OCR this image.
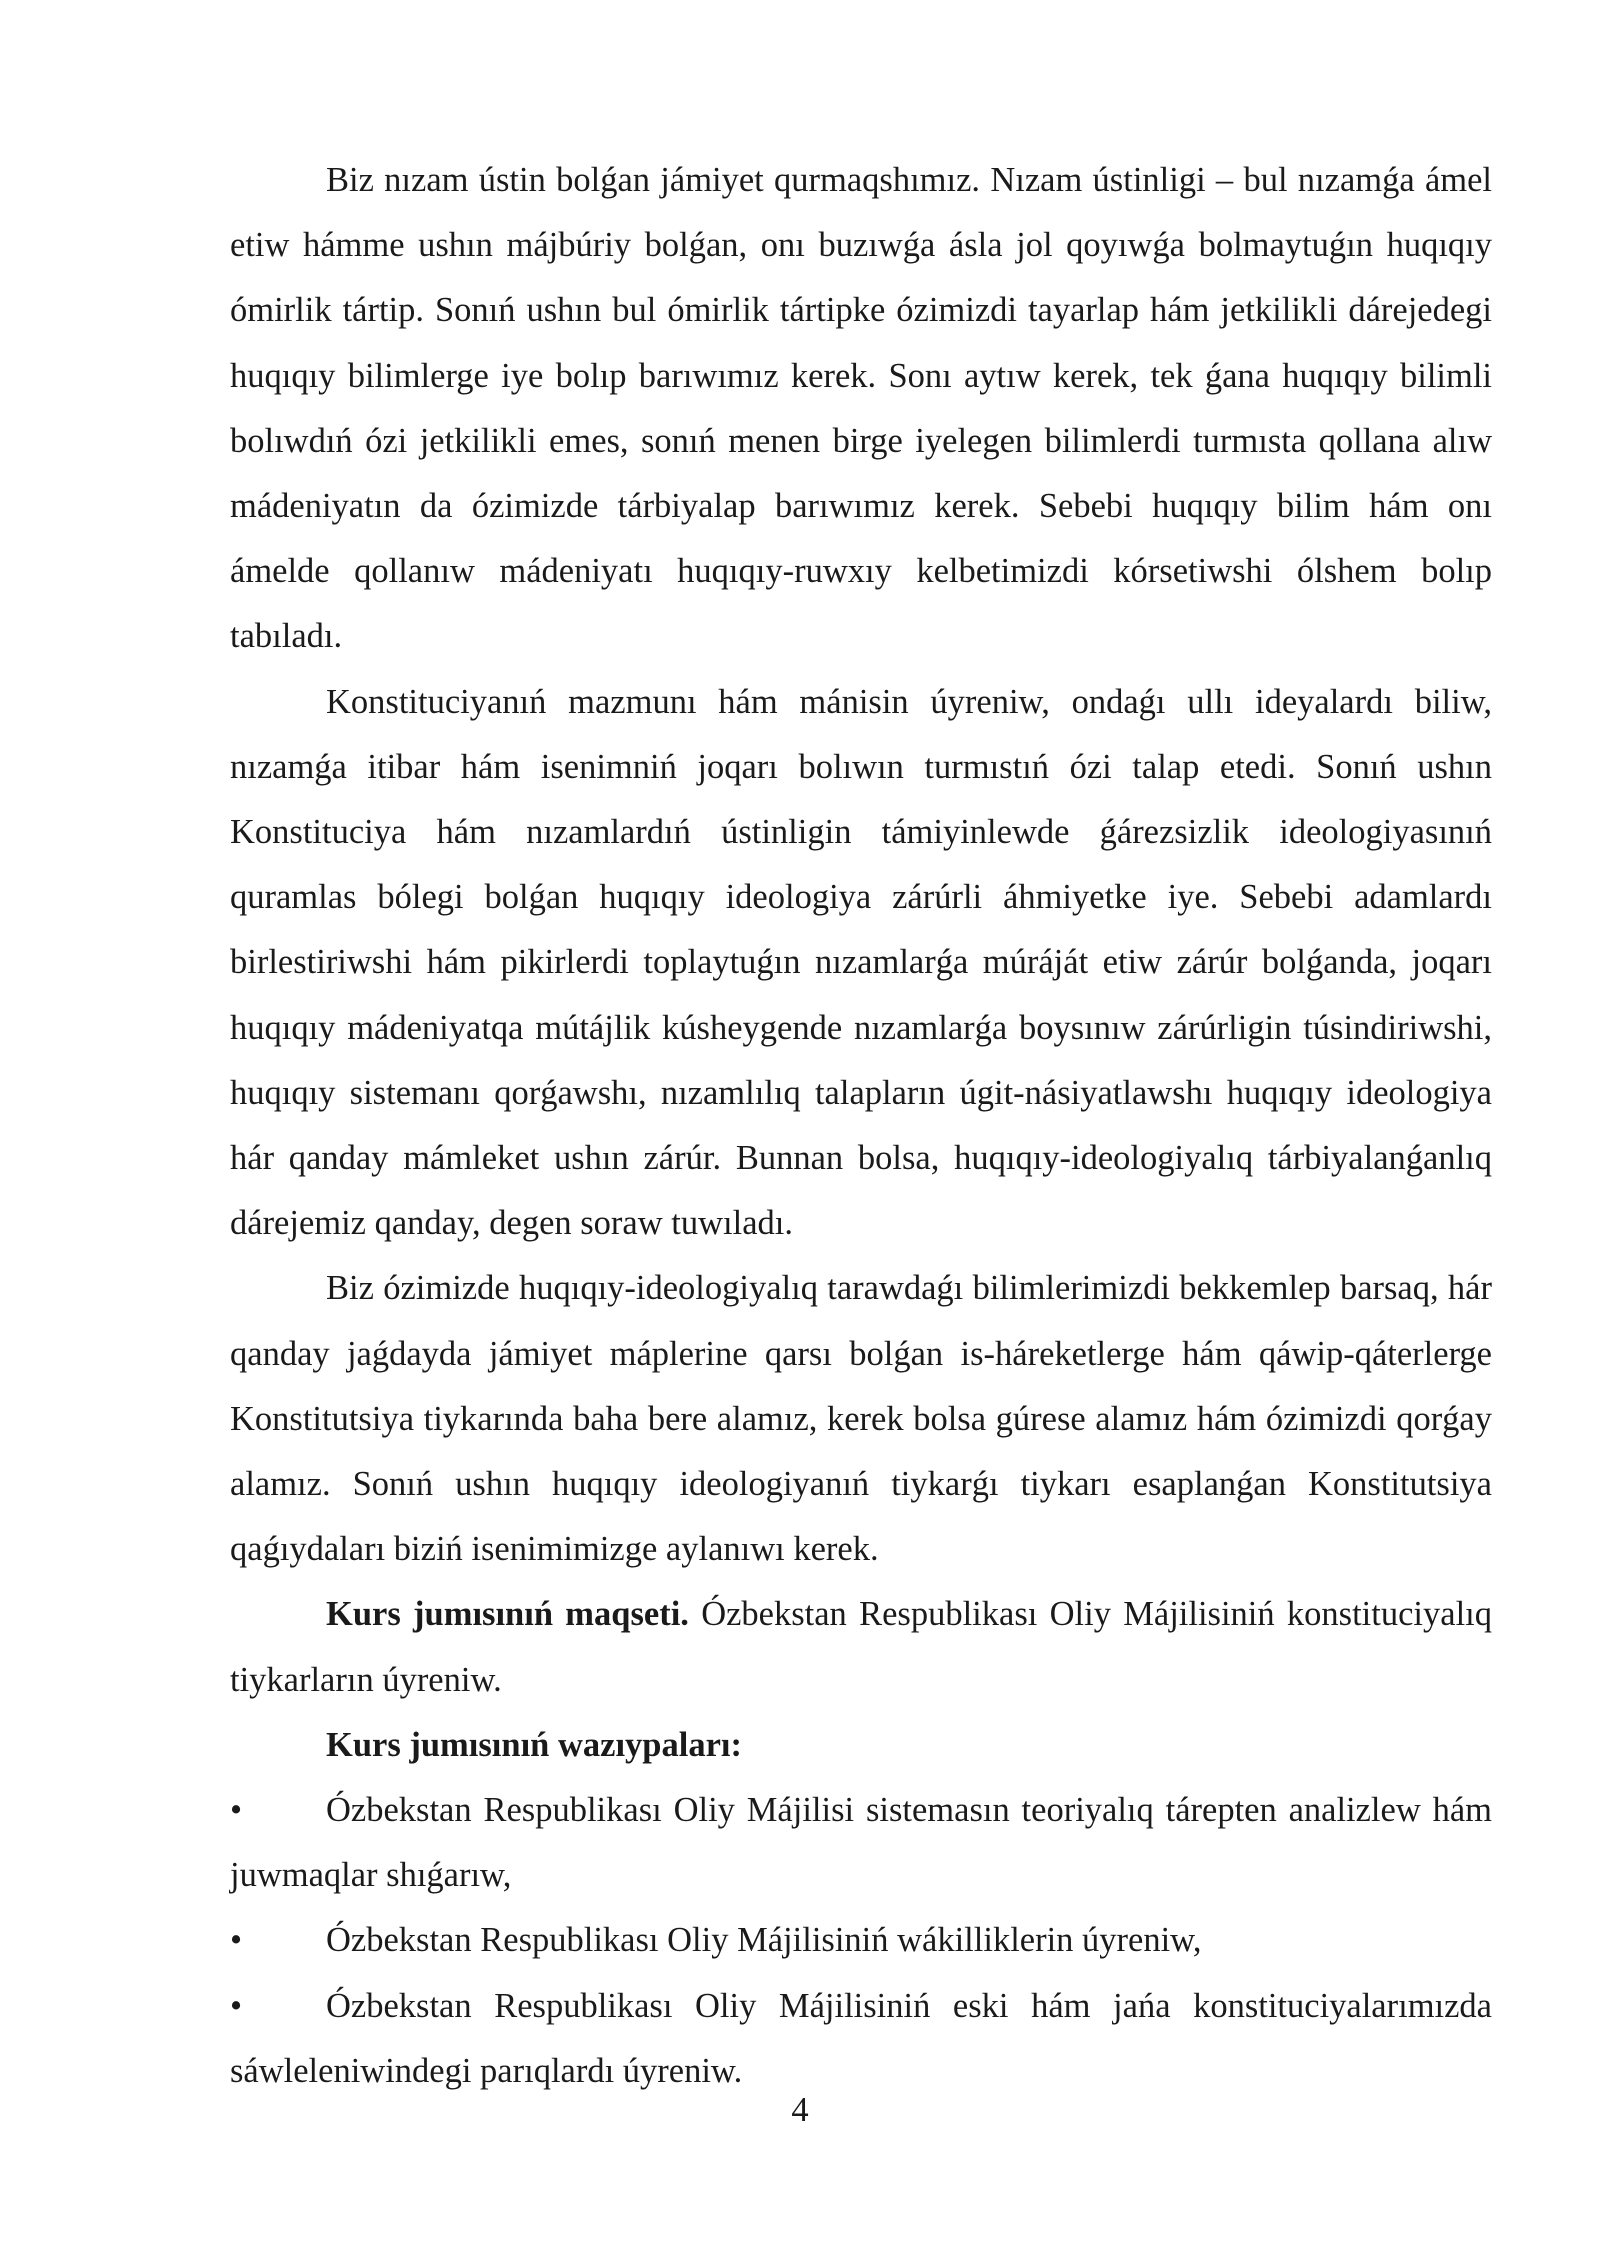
Biz nızam ústin bolǵan jámiyet qurmaqshımız. Nızam ústinligi – bul nızamǵa ámel etiw hámme ushın májbúriy bolǵan, onı buzıwǵa ásla jol qoyıwǵa bolmaytuǵın huqıqıy ómirlik tártip. Sonıń ushın bul ómirlik tártipke ózimizdi tayarlap hám jetkilikli dárejedegi huqıqıy bilimlerge iye bolıp barıwımız kerek. Sonı aytıw kerek, tek ǵana huqıqıy bilimli bolıwdıń ózi jetkilikli emes, sonıń menen birge iyelegen bilimlerdi turmısta qollana alıw mádeniyatın da ózimizde tárbiyalap barıwımız kerek. Sebebi huqıqıy bilim hám onı ámelde qollanıw mádeniyatı huqıqıy-ruwxıy kelbetimizdi kórsetiwshi ólshem bolıp tabıladı.

Konstituciyanıń mazmunı hám mánisin úyreniw, ondaǵı ullı ideyalardı biliw, nızamǵa itibar hám isenimniń joqarı bolıwın turmıstıń ózi talap etedi. Sonıń ushın Konstituciya hám nızamlardıń ústinligin támiyinlewde ǵárezsizlik ideologiyasınıń quramlas bólegi bolǵan huqıqıy ideologiya zárúrli áhmiyetke iye. Sebebi adamlardı birlestiriwshi hám pikirlerdi toplaytuǵın nızamlarǵa múráját etiw zárúr bolǵanda, joqarı huqıqıy mádeniyatqa mútájlik kúsheygende nızamlarǵa boysınıw zárúrligin túsindiriwshi, huqıqıy sistemanı qorǵawshı, nızamlılıq talapların úgit-násiyatlawshı huqıqıy ideologiya hár qanday mámleket ushın zárúr. Bunnan bolsa, huqıqıy-ideologiyalıq tárbiyalanǵanlıq dárejemiz qanday, degen soraw tuwıladı.

Biz ózimizde huqıqıy-ideologiyalıq tarawdaǵı bilimlerimizdi bekkemlep barsaq, hár qanday jaǵdayda jámiyet máplerine qarsı bolǵan is-háreketlerge hám qáwip-qáterlerge Konstitutsiya tiykarında baha bere alamız, kerek bolsa gúrese alamız hám ózimizdi qorǵay alamız. Sonıń ushın huqıqıy ideologiyanıń tiykarǵı tiykarı esaplanǵan Konstitutsiya qaǵıydaları biziń isenimimizge aylanıwı kerek.

Kurs jumısınıń maqseti. Ózbekstan Respublikası Oliy Májilisiniń konstituciyalıq tiykarların úyreniw.

Kurs jumısınıń wazıypaları:

•	Ózbekstan Respublikası Oliy Májilisi sistemasın teoriyalıq tárepten analizlew hám juwmaqlar shıǵarıw,

•	Ózbekstan Respublikası Oliy Májilisiniń wákilliklerin úyreniw,

•	Ózbekstan Respublikası Oliy Májilisiniń eski hám jańa konstituciyalarımızda sáwleleniwindegi parıqlardı úyreniw.

4
